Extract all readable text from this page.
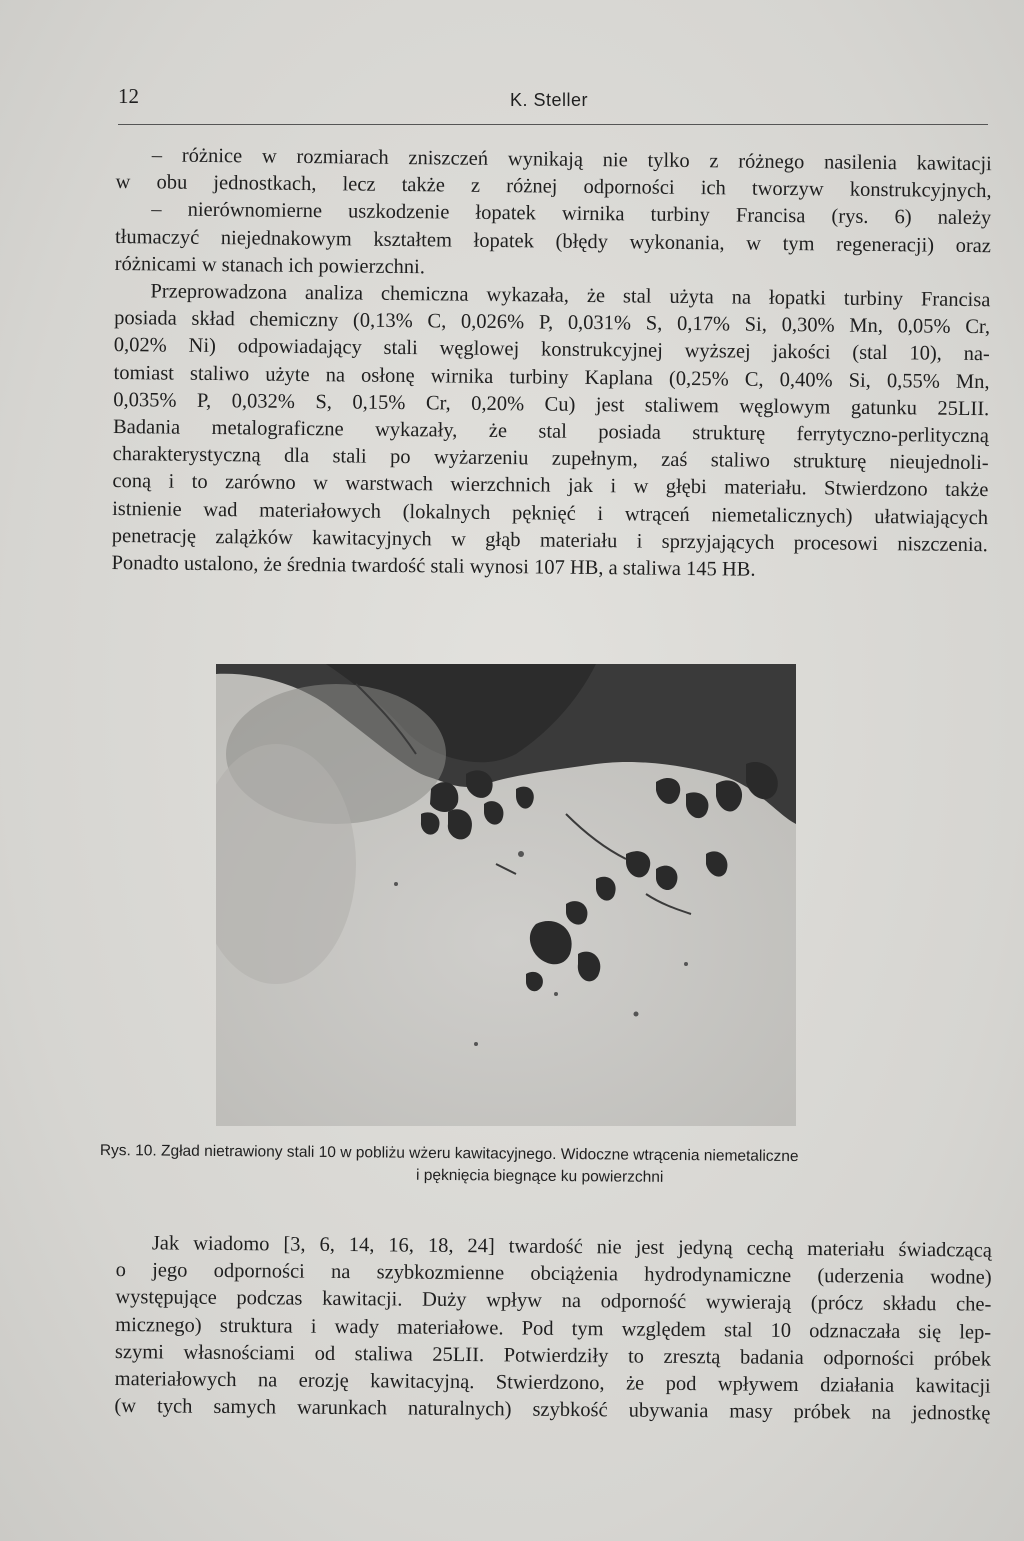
12	K. Steller
– różnice w rozmiarach zniszczeń wynikają nie tylko z różnego nasilenia kawitacji
w obu jednostkach, lecz także z różnej odporności ich tworzyw konstrukcyjnych,
– nierównomierne uszkodzenie łopatek wirnika turbiny Francisa (rys. 6) należy
tłumaczyć niejednakowym kształtem łopatek (błędy wykonania, w tym regeneracji) oraz
różnicami w stanach ich powierzchni.
Przeprowadzona analiza chemiczna wykazała, że stal użyta na łopatki turbiny Francisa
posiada skład chemiczny (0,13% C, 0,026% P, 0,031% S, 0,17% Si, 0,30% Mn, 0,05% Cr,
0,02% Ni) odpowiadający stali węglowej konstrukcyjnej wyższej jakości (stal 10), na-
tomiast staliwo użyte na osłonę wirnika turbiny Kaplana (0,25% C, 0,40% Si, 0,55% Mn,
0,035% P, 0,032% S, 0,15% Cr, 0,20% Cu) jest staliwem węglowym gatunku 25LII.
Badania metalograficzne wykazały, że stal posiada strukturę ferrytyczno-perlityczną
charakterystyczną dla stali po wyżarzeniu zupełnym, zaś staliwo strukturę nieujednoli-
coną i to zarówno w warstwach wierzchnich jak i w głębi materiału. Stwierdzono także
istnienie wad materiałowych (lokalnych pęknięć i wtrąceń niemetalicznych) ułatwiających
penetrację zalążków kawitacyjnych w głąb materiału i sprzyjających procesowi niszczenia.
Ponadto ustalono, że średnia twardość stali wynosi 107 HB, a staliwa 145 HB.
Rys. 10. Zgład nietrawiony stali 10 w pobliżu wżeru kawitacyjnego. Widoczne wtrącenia niemetaliczne
i pęknięcia biegnące ku powierzchni
Jak wiadomo [3, 6, 14, 16, 18, 24] twardość nie jest jedyną cechą materiału świadczącą
o jego odporności na szybkozmienne obciążenia hydrodynamiczne (uderzenia wodne)
występujące podczas kawitacji. Duży wpływ na odporność wywierają (prócz składu che-
micznego) struktura i wady materiałowe. Pod tym względem stal 10 odznaczała się lep-
szymi własnościami od staliwa 25LII. Potwierdziły to zresztą badania odporności próbek
materiałowych na erozję kawitacyjną. Stwierdzono, że pod wpływem działania kawitacji
(w tych samych warunkach naturalnych) szybkość ubywania masy próbek na jednostkę
